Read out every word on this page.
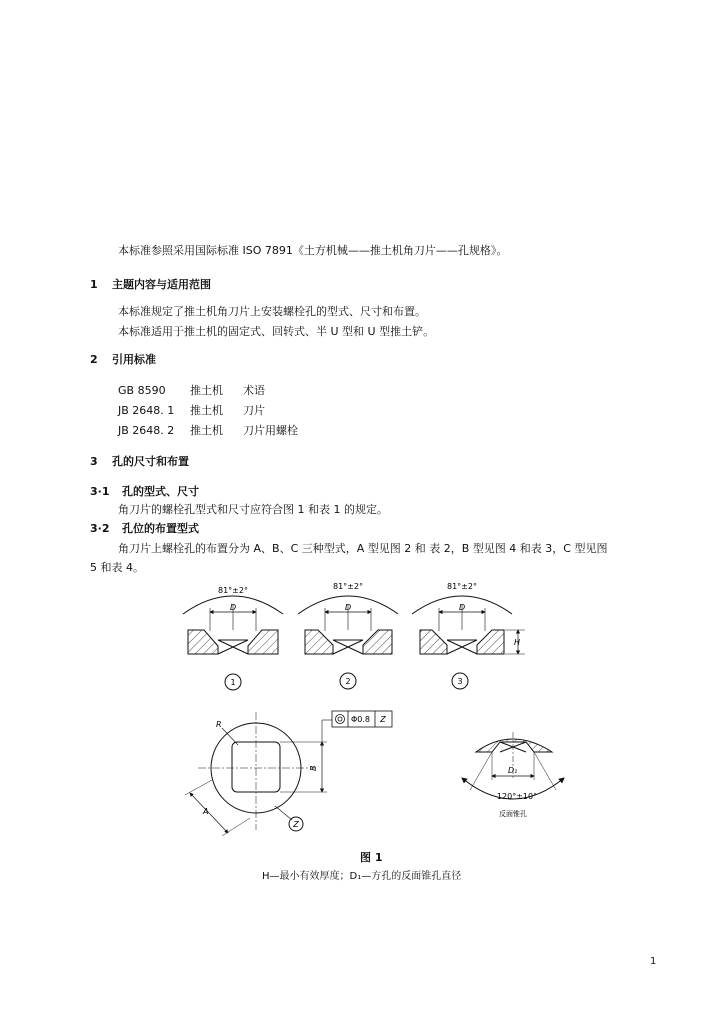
本标准参照采用国际标准 ISO 7891《土方机械——推土机角刀片——孔规格》。
1 主题内容与适用范围
本标准规定了推土机角刀片上安装螺栓孔的型式、尺寸和布置。
本标准适用于推土机的固定式、回转式、半 U 型和 U 型推土铲。
2 引用标准
GB 8590 推土机 术语
JB 2648. 1 推土机 刀片
JB 2648. 2 推土机 刀片用螺栓
3 孔的尺寸和布置
3·1 孔的型式、尺寸
角刀片的螺栓孔型式和尺寸应符合图 1 和表 1 的规定。
3·2 孔位的布置型式
角刀片上螺栓孔的布置分为 A、B、C 三种型式，A 型见图 2 和 表 2，B 型见图 4 和表 3，C 型见图
5 和表 4。
81°±2°	81°±2°	81°±2°
D	D	D
H
1	2	3
R
B
A
Z
Φ0.8 Z
D₁
120°±10°
反面锥孔
图 1
H—最小有效厚度；D₁—方孔的反面锥孔直径
1
